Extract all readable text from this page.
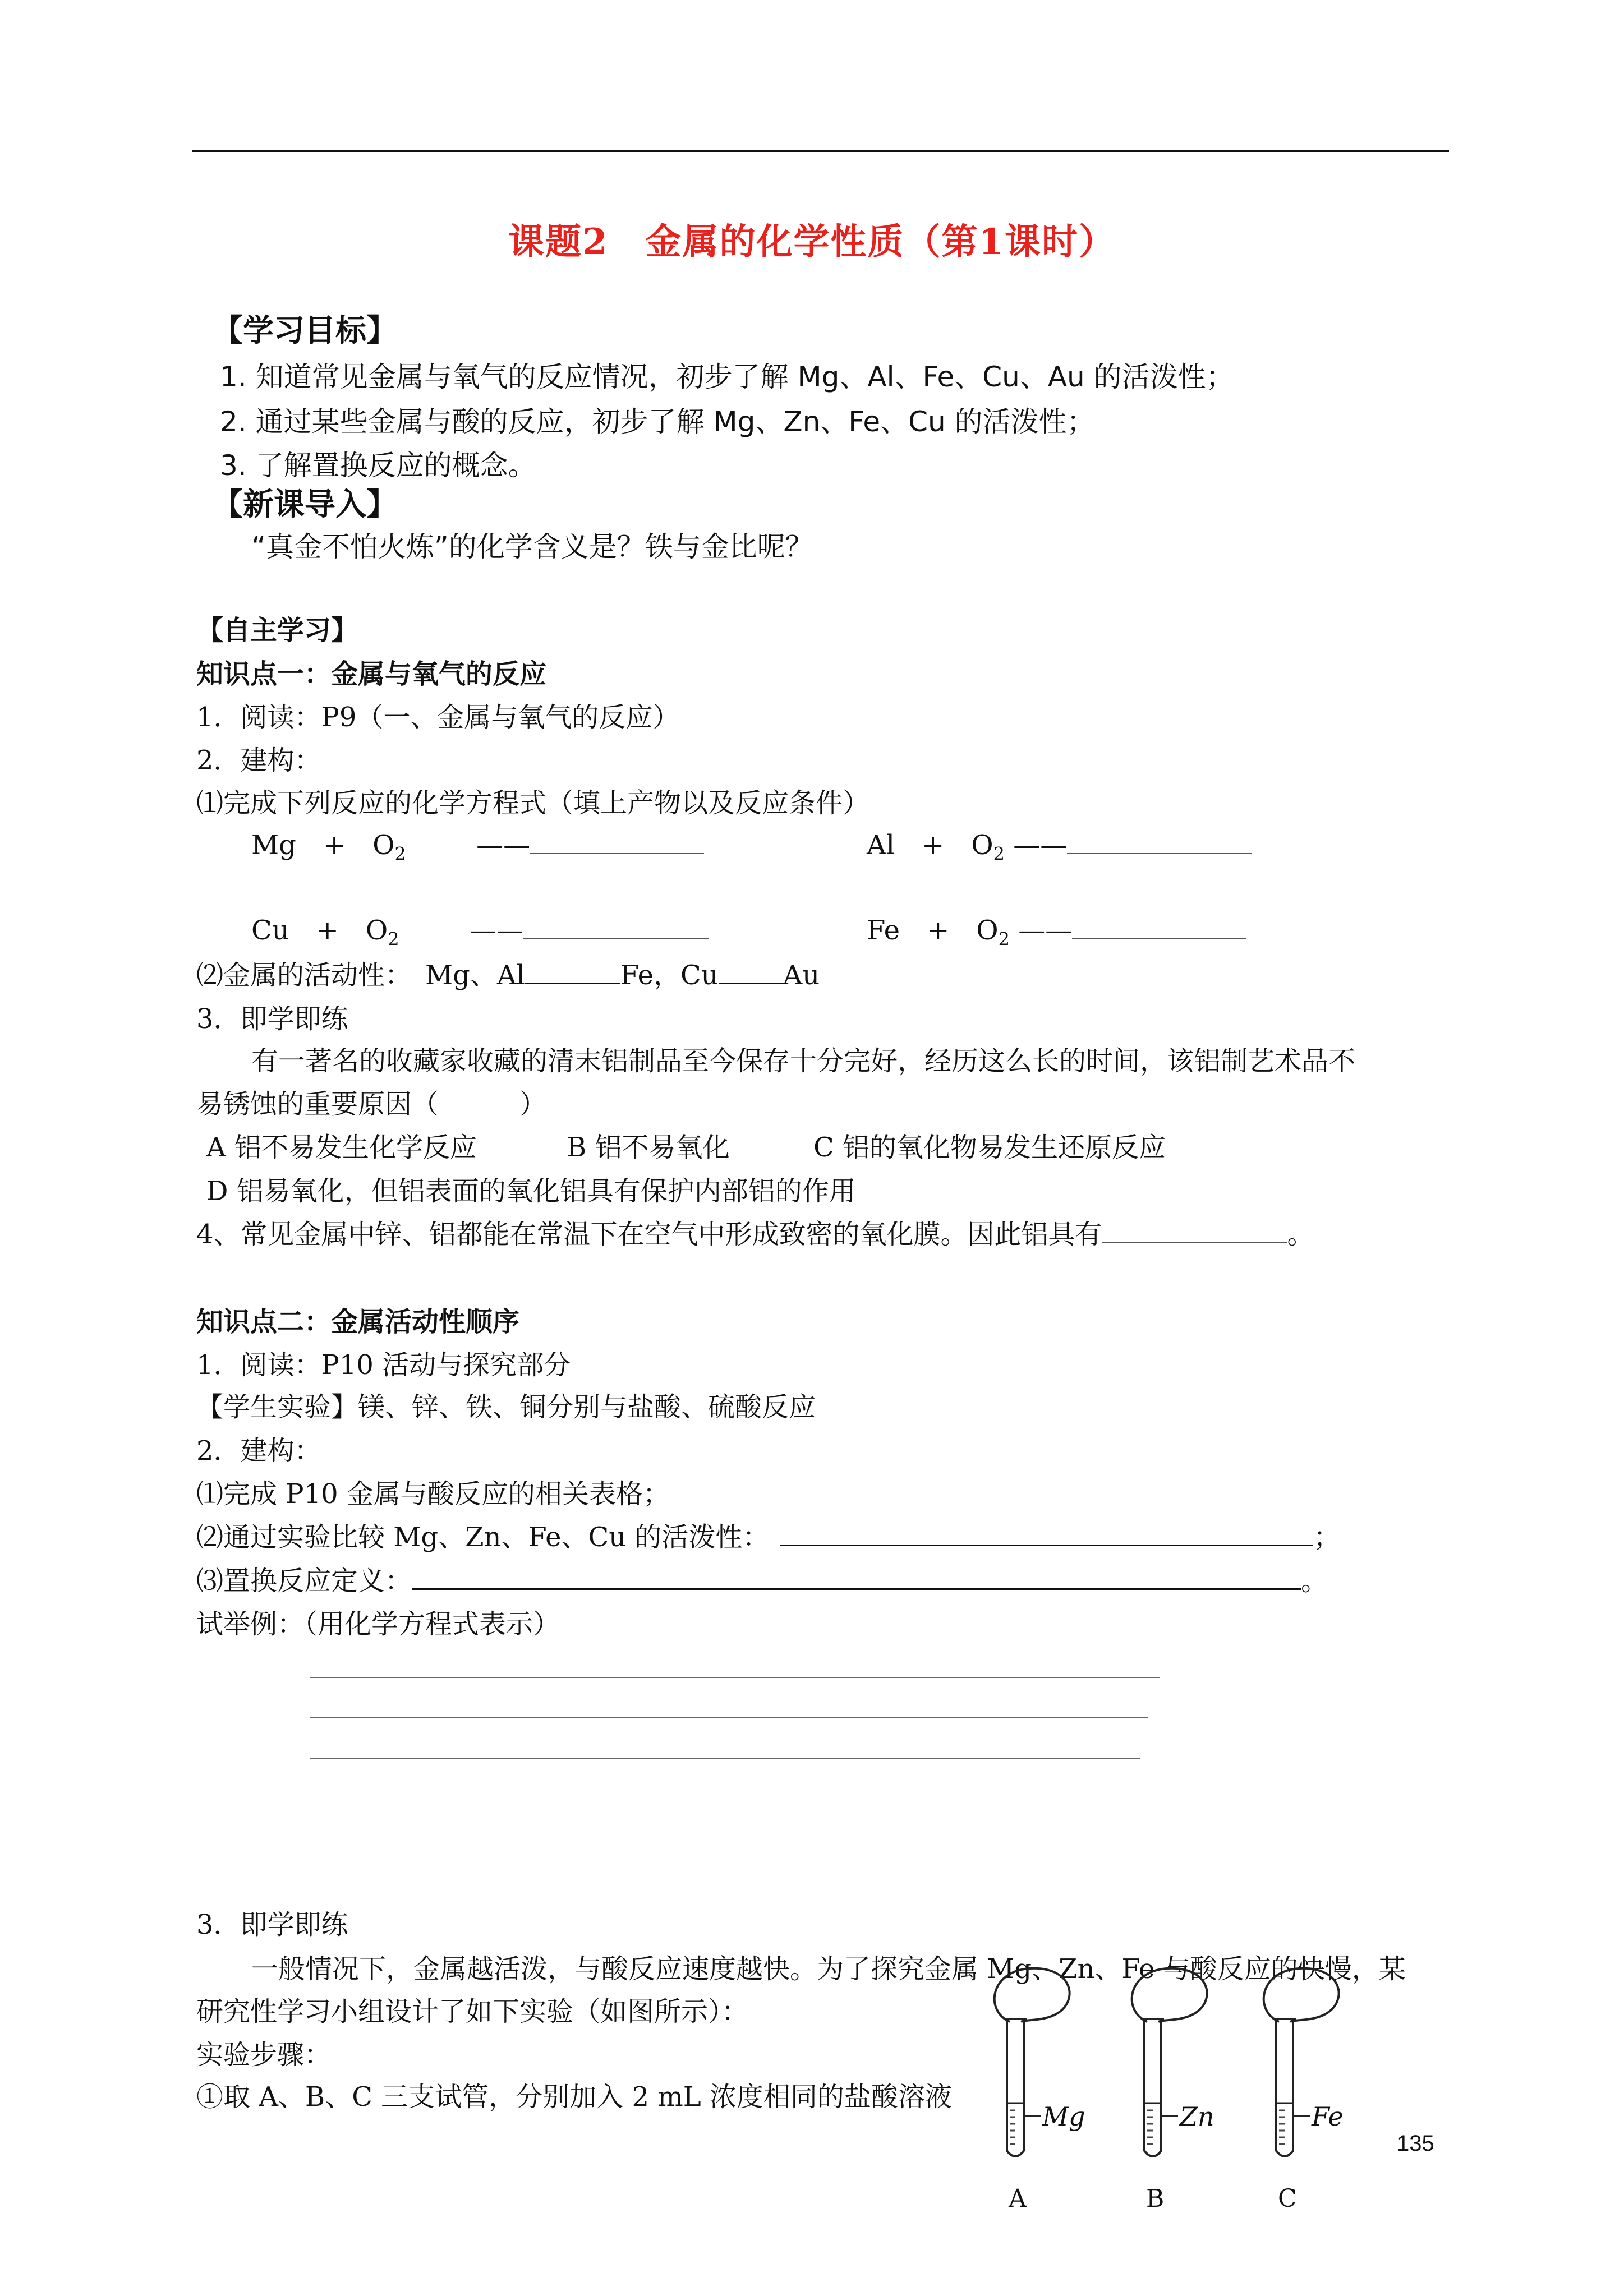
课题2　金属的化学性质（第1课时）
【学习目标】
1. 知道常见金属与氧气的反应情况，初步了解 Mg、Al、Fe、Cu、Au 的活泼性；
2. 通过某些金属与酸的反应，初步了解 Mg、Zn、Fe、Cu 的活泼性；
3. 了解置换反应的概念。
【新课导入】
“真金不怕火炼”的化学含义是？铁与金比呢？
【自主学习】
知识点一：金属与氧气的反应
1．阅读：P9（一、金属与氧气的反应）
2．建构：
⑴完成下列反应的化学方程式（填上产物以及反应条件）
Mg　+　$O_2$	——	Al　+　$O_2$ ——
Cu　+　$O_2$	——	Fe　+　$O_2$ ——
⑵金属的活动性：　Mg、Al	Fe，Cu Au
3．即学即练
有一著名的收藏家收藏的清末铝制品至今保存十分完好，经历这么长的时间，该铝制艺术品不
易锈蚀的重要原因（　　　）
A 铝不易发生化学反应	B 铝不易氧化	C 铝的氧化物易发生还原反应
D 铝易氧化，但铝表面的氧化铝具有保护内部铝的作用
4、常见金属中锌、铝都能在常温下在空气中形成致密的氧化膜。因此铝具有	。
知识点二：金属活动性顺序
1．阅读：P10 活动与探究部分
【学生实验】镁、锌、铁、铜分别与盐酸、硫酸反应
2．建构：
⑴完成 P10 金属与酸反应的相关表格；
⑵通过实验比较 Mg、Zn、Fe、Cu 的活泼性：	；
⑶置换反应定义：	。
试举例：（用化学方程式表示）
3．即学即练
一般情况下，金属越活泼，与酸反应速度越快。为了探究金属 Mg、Zn、Fe 与酸反应的快慢，某
研究性学习小组设计了如下实验（如图所示）：
实验步骤：
①取 A、B、C 三支试管，分别加入 2 mL 浓度相同的盐酸溶液
Mg
A
Zn
B
Fe
C
135
